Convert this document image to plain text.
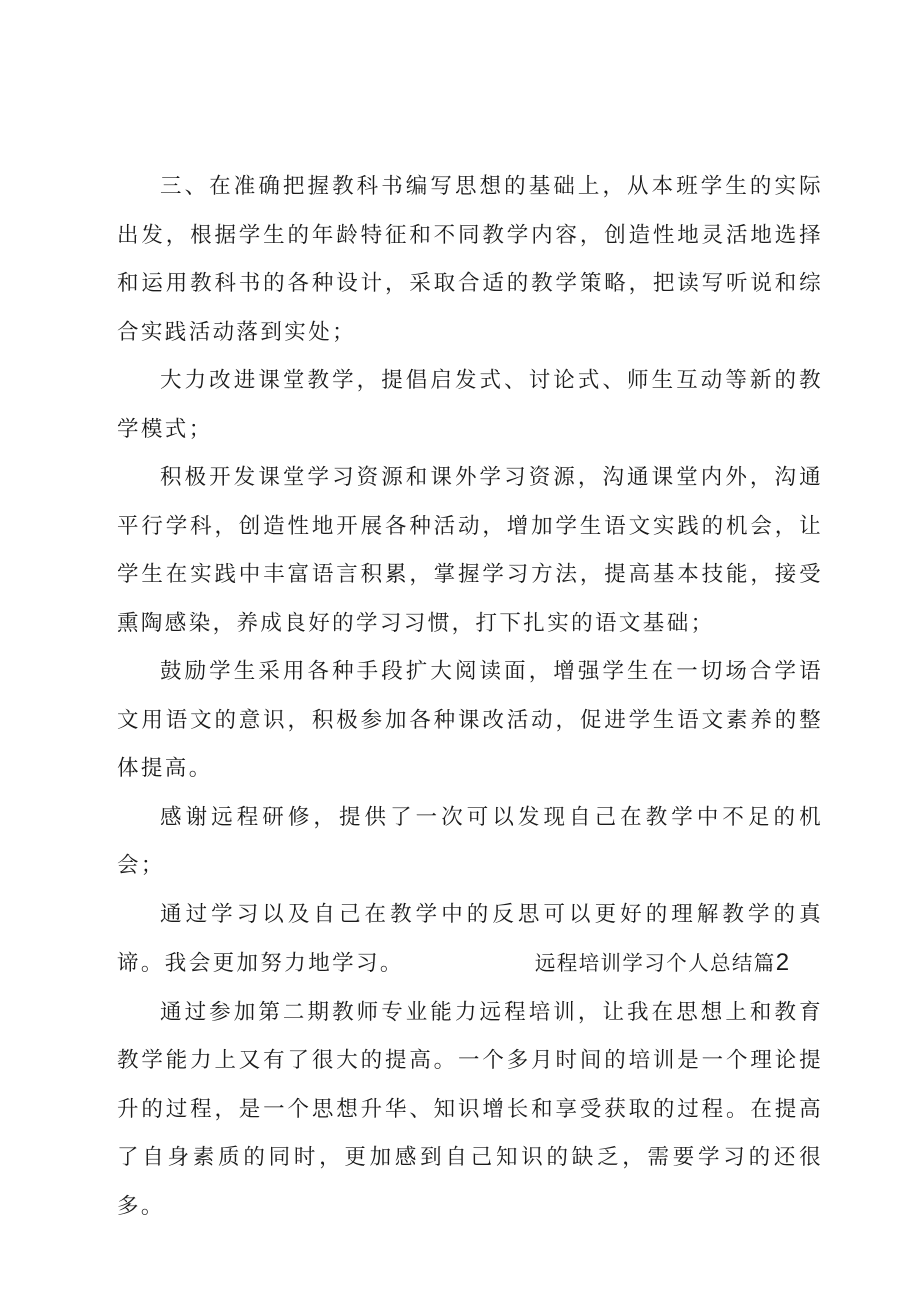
三、在准确把握教科书编写思想的基础上，从本班学生的实际出发，根据学生的年龄特征和不同教学内容，创造性地灵活地选择和运用教科书的各种设计，采取合适的教学策略，把读写听说和综合实践活动落到实处；

大力改进课堂教学，提倡启发式、讨论式、师生互动等新的教学模式；

积极开发课堂学习资源和课外学习资源，沟通课堂内外，沟通平行学科，创造性地开展各种活动，增加学生语文实践的机会，让学生在实践中丰富语言积累，掌握学习方法，提高基本技能，接受熏陶感染，养成良好的学习习惯，打下扎实的语文基础；

鼓励学生采用各种手段扩大阅读面，增强学生在一切场合学语文用语文的意识，积极参加各种课改活动，促进学生语文素养的整体提高。

感谢远程研修，提供了一次可以发现自己在教学中不足的机会；

通过学习以及自己在教学中的反思可以更好的理解教学的真谛。我会更加努力地学习。	远程培训学习个人总结篇2

通过参加第二期教师专业能力远程培训，让我在思想上和教育教学能力上又有了很大的提高。一个多月时间的培训是一个理论提升的过程，是一个思想升华、知识增长和享受获取的过程。在提高了自身素质的同时，更加感到自己知识的缺乏，需要学习的还很多。
